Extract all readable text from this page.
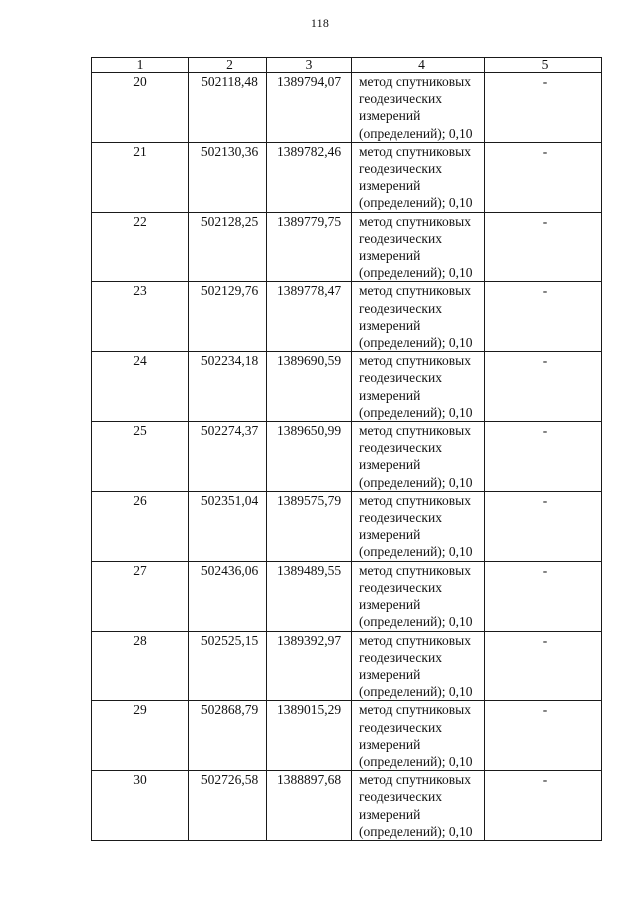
118
1	2	3	4	5
20	502118,48	1389794,07	метод спутниковых
геодезических
измерений
(определений); 0,10	-
21	502130,36	1389782,46	метод спутниковых
геодезических
измерений
(определений); 0,10	-
22	502128,25	1389779,75	метод спутниковых
геодезических
измерений
(определений); 0,10	-
23	502129,76	1389778,47	метод спутниковых
геодезических
измерений
(определений); 0,10	-
24	502234,18	1389690,59	метод спутниковых
геодезических
измерений
(определений); 0,10	-
25	502274,37	1389650,99	метод спутниковых
геодезических
измерений
(определений); 0,10	-
26	502351,04	1389575,79	метод спутниковых
геодезических
измерений
(определений); 0,10	-
27	502436,06	1389489,55	метод спутниковых
геодезических
измерений
(определений); 0,10	-
28	502525,15	1389392,97	метод спутниковых
геодезических
измерений
(определений); 0,10	-
29	502868,79	1389015,29	метод спутниковых
геодезических
измерений
(определений); 0,10	-
30	502726,58	1388897,68	метод спутниковых
геодезических
измерений
(определений); 0,10	-
